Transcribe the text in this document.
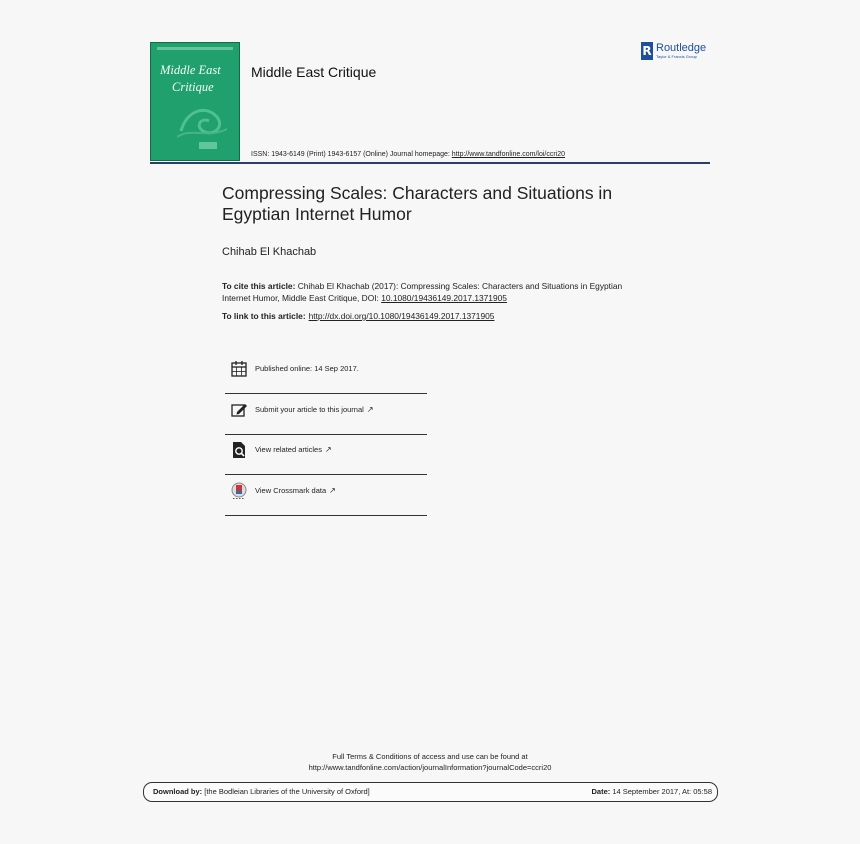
Middle East
Critique
Middle East Critique
R Routledge
Taylor & Francis Group
ISSN: 1943-6149 (Print) 1943-6157 (Online) Journal homepage: http://www.tandfonline.com/loi/ccri20
Compressing Scales: Characters and Situations in Egyptian Internet Humor
Chihab El Khachab
To cite this article: Chihab El Khachab (2017): Compressing Scales: Characters and Situations in Egyptian Internet Humor, Middle East Critique, DOI: 10.1080/19436149.2017.1371905
To link to this article: http://dx.doi.org/10.1080/19436149.2017.1371905
Published online: 14 Sep 2017.
Submit your article to this journal ↗
View related articles ↗
View Crossmark data ↗
Full Terms & Conditions of access and use can be found at
http://www.tandfonline.com/action/journalInformation?journalCode=ccri20
Download by: [the Bodleian Libraries of the University of Oxford]	Date: 14 September 2017, At: 05:58
